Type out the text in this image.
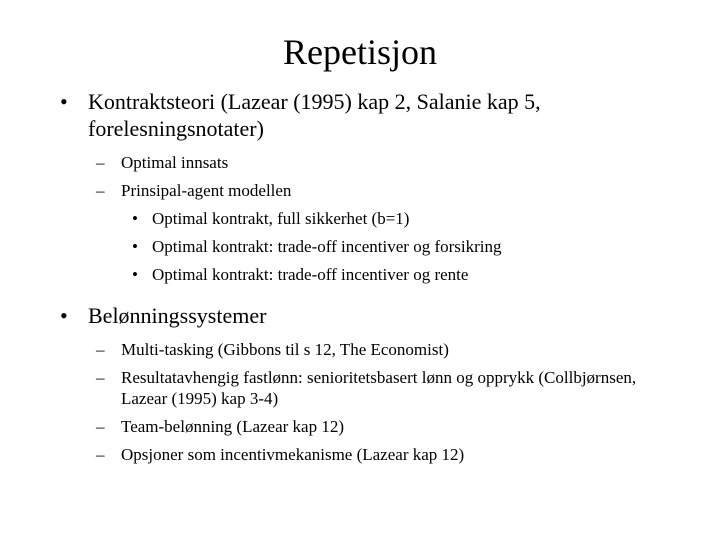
Repetisjon
• Kontraktsteori (Lazear (1995) kap 2, Salanie kap 5, forelesningsnotater)
– Optimal innsats
– Prinsipal-agent modellen
• Optimal kontrakt, full sikkerhet (b=1)
• Optimal kontrakt: trade-off incentiver og forsikring
• Optimal kontrakt: trade-off incentiver og rente
• Belønningssystemer
– Multi-tasking (Gibbons til s 12, The Economist)
– Resultatavhengig fastlønn: senioritetsbasert lønn og opprykk (Collbjørnsen, Lazear (1995) kap 3-4)
– Team-belønning (Lazear kap 12)
– Opsjoner som incentivmekanisme (Lazear kap 12)
